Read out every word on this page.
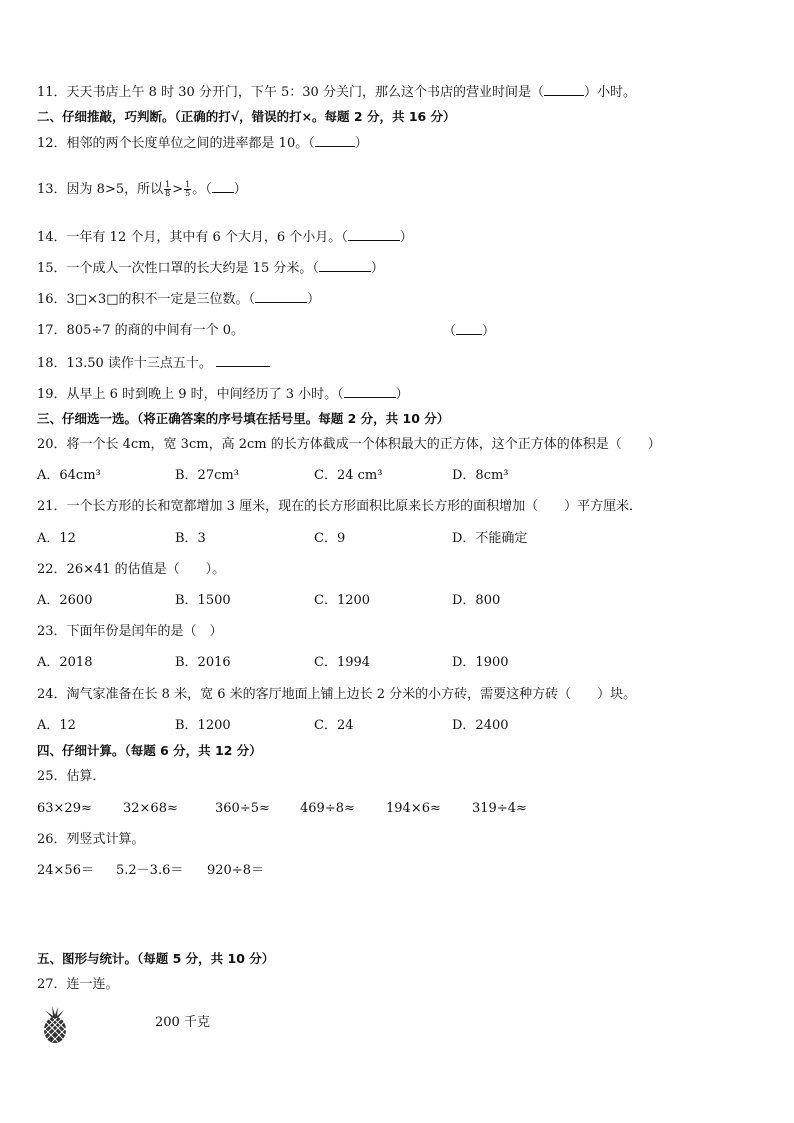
11．天天书店上午 8 时 30 分开门，下午 5：30 分关门，那么这个书店的营业时间是（	）小时。
二、仔细推敲，巧判断。（正确的打√，错误的打×。每题 2 分，共 16 分）
12．相邻的两个长度单位之间的进率都是 10。（	）
13．因为 8>5，所以 $\frac{1}{8} > \frac{1}{5}$ 。（ ）
14．一年有 12 个月，其中有 6 个大月，6 个小月。（	）
15．一个成人一次性口罩的长大约是 15 分米。（	）
16．3□×3□的积不一定是三位数。（	）
17．805÷7 的商的中间有一个 0。	（ ）
18．13.50 读作十三点五十。
19．从早上 6 时到晚上 9 时，中间经历了 3 小时。（	）
三、仔细选一选。（将正确答案的序号填在括号里。每题 2 分，共 10 分）
20．将一个长 4cm，宽 3cm，高 2cm 的长方体截成一个体积最大的正方体，这个正方体的体积是（　　）
A．64cm³	B．27cm³	C．24 cm³	D．8cm³
21．一个长方形的长和宽都增加 3 厘米，现在的长方形面积比原来长方形的面积增加（　　）平方厘米．
A．12	B．3	C．9	D．不能确定
22．26×41 的估值是（　　）。
A．2600	B．1500	C．1200	D．800
23．下面年份是闰年的是（　）
A．2018	B．2016	C．1994	D．1900
24．淘气家准备在长 8 米，宽 6 米的客厅地面上铺上边长 2 分米的小方砖，需要这种方砖（　　）块。
A．12	B．1200	C．24	D．2400
四、仔细计算。（每题 6 分，共 12 分）
25．估算．
63×29≈ 32×68≈	360÷5≈ 469÷8≈ 194×6≈ 319÷4≈
26．列竖式计算。
24×56＝ 5.2－3.6＝ 920÷8＝
五、图形与统计。（每题 5 分，共 10 分）
27．连一连。
200 千克
